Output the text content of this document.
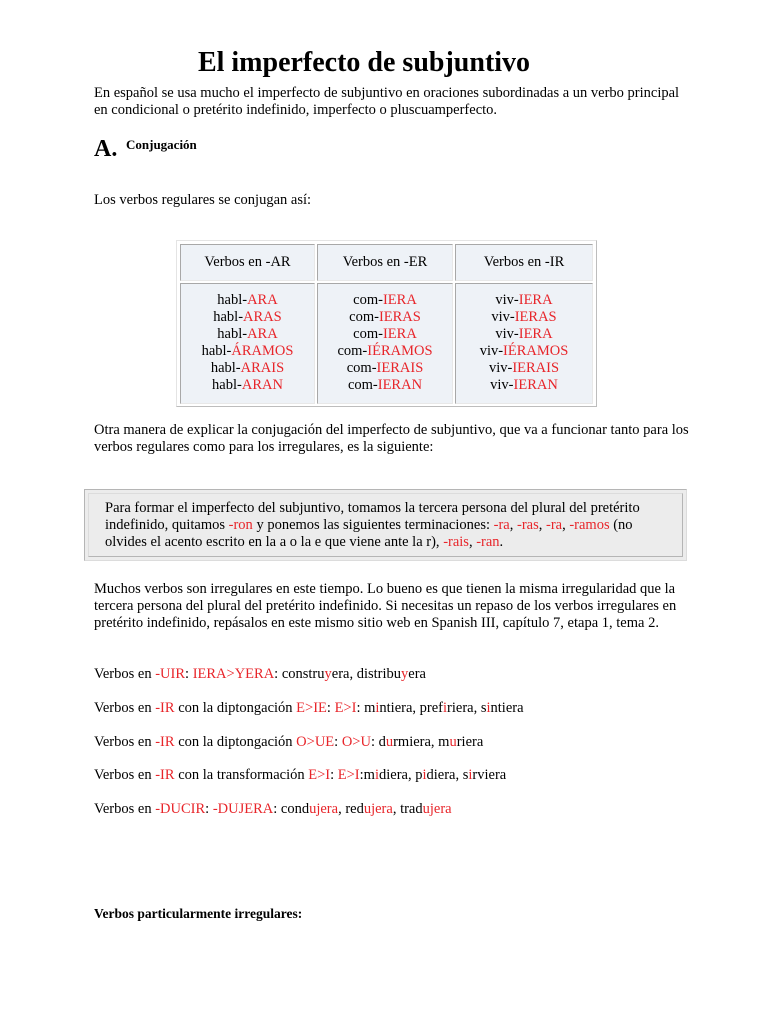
El imperfecto de subjuntivo

En español se usa mucho el imperfecto de subjuntivo en oraciones subordinadas a un verbo principal en condicional o pretérito indefinido, imperfecto o pluscuamperfecto.

A. Conjugación

Los verbos regulares se conjugan así:

Verbos en -AR	Verbos en -ER	Verbos en -IR
habl-ARA
habl-ARAS
habl-ARA
habl-ÁRAMOS
habl-ARAIS
habl-ARAN
com-IERA
com-IERAS
com-IERA
com-IÉRAMOS
com-IERAIS
com-IERAN
viv-IERA
viv-IERAS
viv-IERA
viv-IÉRAMOS
viv-IERAIS
viv-IERAN

Otra manera de explicar la conjugación del imperfecto de subjuntivo, que va a funcionar tanto para los verbos regulares como para los irregulares, es la siguiente:

Para formar el imperfecto del subjuntivo, tomamos la tercera persona del plural del pretérito indefinido, quitamos -ron y ponemos las siguientes terminaciones: -ra, -ras, -ra, -ramos (no olvides el acento escrito en la a o la e que viene ante la r), -rais, -ran.

Muchos verbos son irregulares en este tiempo. Lo bueno es que tienen la misma irregularidad que la tercera persona del plural del pretérito indefinido. Si necesitas un repaso de los verbos irregulares en pretérito indefinido, repásalos en este mismo sitio web en Spanish III, capítulo 7, etapa 1, tema 2.

Verbos en -UIR: IERA>YERA: construyera, distribuyera
Verbos en -IR con la diptongación E>IE: E>I: mintiera, prefiriera, sintiera
Verbos en -IR con la diptongación O>UE: O>U: durmiera, muriera
Verbos en -IR con la transformación E>I: E>I:midiera, pidiera, sirviera
Verbos en -DUCIR: -DUJERA: condujera, redujera, tradujera
Verbos particularmente irregulares:
